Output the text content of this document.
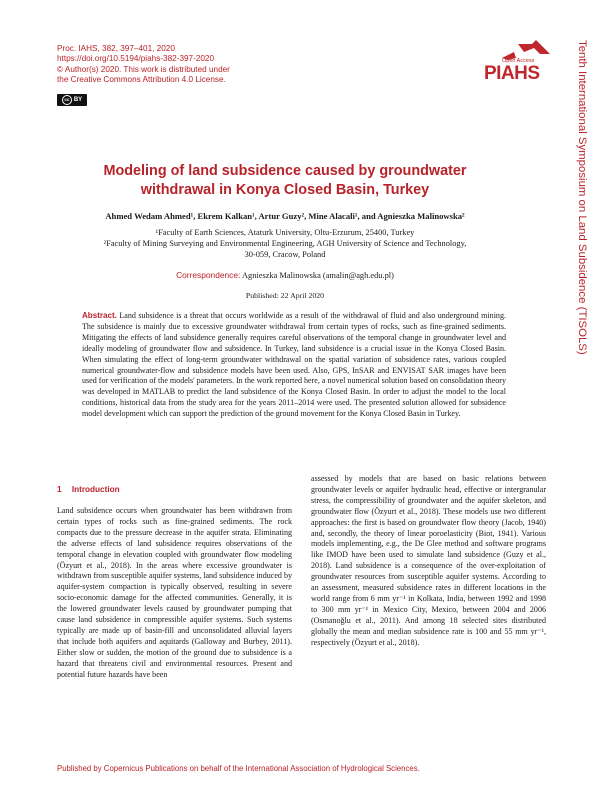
Proc. IAHS, 382, 397–401, 2020
https://doi.org/10.5194/piahs-382-397-2020
© Author(s) 2020. This work is distributed under
the Creative Commons Attribution 4.0 License.
cc BY
Open Access
PIAHS	Tenth International Symposium on Land Subsidence (TISOLS)
Modeling of land subsidence caused by groundwater
withdrawal in Konya Closed Basin, Turkey
Ahmed Wedam Ahmed¹, Ekrem Kalkan¹, Artur Guzy², Mine Alacali¹, and Agnieszka Malinowska²
¹Faculty of Earth Sciences, Ataturk University, Oltu-Erzurum, 25400, Turkey
²Faculty of Mining Surveying and Environmental Engineering, AGH University of Science and Technology,
30-059, Cracow, Poland
Correspondence: Agnieszka Malinowska (amalin@agh.edu.pl)
Published: 22 April 2020
Abstract. Land subsidence is a threat that occurs worldwide as a result of the withdrawal of fluid and also underground mining. The subsidence is mainly due to excessive groundwater withdrawal from certain types of rocks, such as fine-grained sediments. Mitigating the effects of land subsidence generally requires careful observations of the temporal change in groundwater level and ideally modeling of groundwater flow and subsidence. In Turkey, land subsidence is a crucial issue in the Konya Closed Basin. When simulating the effect of long-term groundwater withdrawal on the spatial variation of subsidence rates, various coupled numerical groundwater-flow and subsidence models have been used. Also, GPS, InSAR and ENVISAT SAR images have been used for verification of the models' parameters. In the work reported here, a novel numerical solution based on consolidation theory was developed in MATLAB to predict the land subsidence of the Konya Closed Basin. In order to adjust the model to the local conditions, historical data from the study area for the years 2011–2014 were used. The presented solution allowed for subsidence model development which can support the prediction of the ground movement for the Konya Closed Basin in Turkey.
1 Introduction
Land subsidence occurs when groundwater has been withdrawn from certain types of rocks such as fine-grained sediments. The rock compacts due to the pressure decrease in the aquifer strata. Eliminating the adverse effects of land subsidence requires observations of the temporal change in elevation coupled with groundwater flow modeling (Özyurt et al., 2018). In the areas where excessive groundwater is withdrawn from susceptible aquifer systems, land subsidence induced by aquifer-system compaction is typically observed, resulting in severe socio-economic damage for the affected communities. Generally, it is the lowered groundwater levels caused by groundwater pumping that cause land subsidence in compressible aquifer systems. Such systems typically are made up of basin-fill and unconsolidated alluvial layers that include both aquifers and aquitards (Galloway and Burbey, 2011). Either slow or sudden, the motion of the ground due to subsidence is a hazard that threatens civil and environmental resources. Present and potential future hazards have been
assessed by models that are based on basic relations between groundwater levels or aquifer hydraulic head, effective or intergranular stress, the compressibility of groundwater and the aquifer skeleton, and groundwater flow (Özyurt et al., 2018). These models use two different approaches: the first is based on groundwater flow theory (Jacob, 1940) and, secondly, the theory of linear poroelasticity (Biot, 1941). Various models implementing, e.g., the De Glee method and software programs like IMOD have been used to simulate land subsidence (Guzy et al., 2018). Land subsidence is a consequence of the over-exploitation of groundwater resources from susceptible aquifer systems. According to an assessment, measured subsidence rates in different locations in the world range from 6 mm yr⁻¹ in Kolkata, India, between 1992 and 1998 to 300 mm yr⁻¹ in Mexico City, Mexico, between 2004 and 2006 (Osmanoğlu et al., 2011). And among 18 selected sites distributed globally the mean and median subsidence rate is 100 and 55 mm yr⁻¹, respectively (Özyurt et al., 2018).
Published by Copernicus Publications on behalf of the International Association of Hydrological Sciences.
